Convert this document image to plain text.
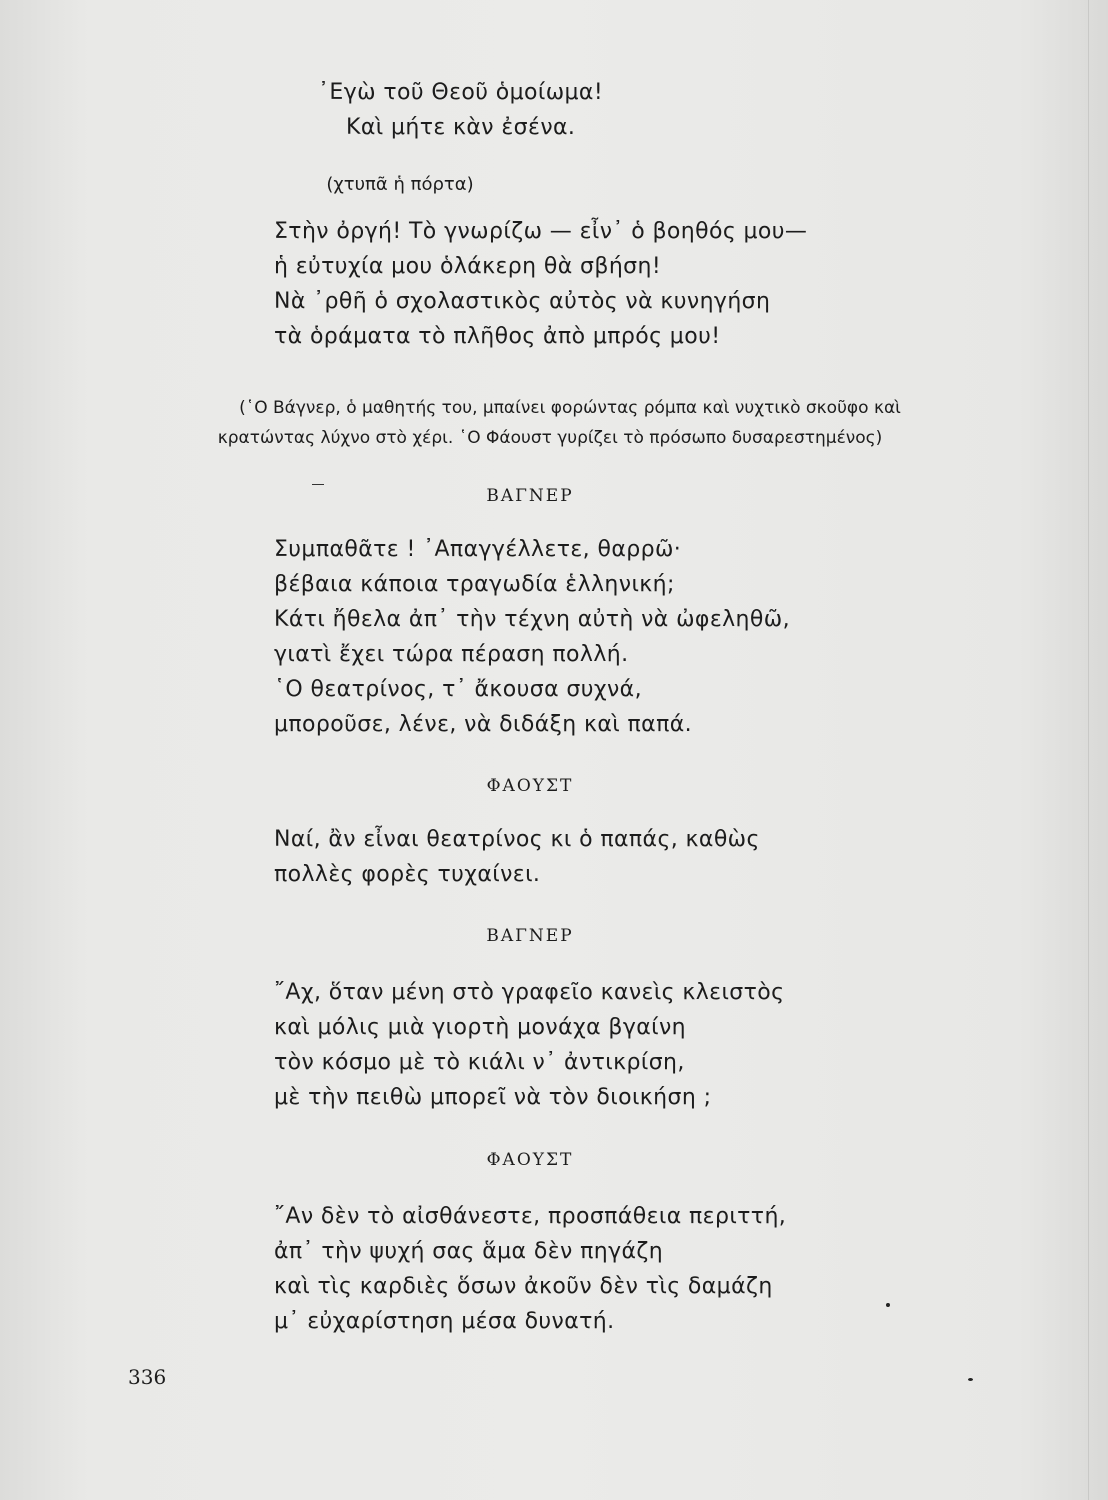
᾿Εγὼ τοῦ Θεοῦ ὁμοίωμα!
Καὶ μήτε κὰν ἐσένα.
(χτυπᾶ ἡ πόρτα)
Στὴν ὀργή! Τὸ γνωρίζω — εἶν᾿ ὁ βοηθός μου—
ἡ εὐτυχία μου ὁλάκερη θὰ σβήση!
Νὰ ᾿ρθῆ ὁ σχολαστικὸς αὐτὸς νὰ κυνηγήση
τὰ ὁράματα τὸ πλῆθος ἀπὸ μπρός μου!
(῾Ο Βάγνερ, ὁ μαθητής του, μπαίνει φορώντας ρόμπα καὶ νυχτικὸ σκοῦφο καὶ
κρατώντας λύχνο στὸ χέρι. ῾Ο Φάουστ γυρίζει τὸ πρόσωπο δυσαρεστημένος)
ΒΑΓΝΕΡ
Συμπαθᾶτε ! ᾿Απαγγέλλετε, θαρρῶ·
βέβαια κάποια τραγωδία ἑλληνική;
Κάτι ἤθελα ἀπ᾿ τὴν τέχνη αὐτὴ νὰ ὠφεληθῶ,
γιατὶ ἔχει τώρα πέραση πολλή.
῾Ο θεατρίνος, τ᾿ ἄκουσα συχνά,
μποροῦσε, λένε, νὰ διδάξη καὶ παπά.
ΦΑΟΥΣΤ
Ναί, ἂν εἶναι θεατρίνος κι ὁ παπάς, καθὼς
πολλὲς φορὲς τυχαίνει.
ΒΑΓΝΕΡ
῎Αχ, ὅταν μένη στὸ γραφεῖο κανεὶς κλειστὸς
καὶ μόλις μιὰ γιορτὴ μονάχα βγαίνη
τὸν κόσμο μὲ τὸ κιάλι ν᾿ ἀντικρίση,
μὲ τὴν πειθὼ μπορεῖ νὰ τὸν διοικήση ;
ΦΑΟΥΣΤ
῎Αν δὲν τὸ αἰσθάνεστε, προσπάθεια περιττή,
ἀπ᾿ τὴν ψυχή σας ἅμα δὲν πηγάζη
καὶ τὶς καρδιὲς ὅσων ἀκοῦν δὲν τὶς δαμάζη
μ᾿ εὐχαρίστηση μέσα δυνατή.
336
